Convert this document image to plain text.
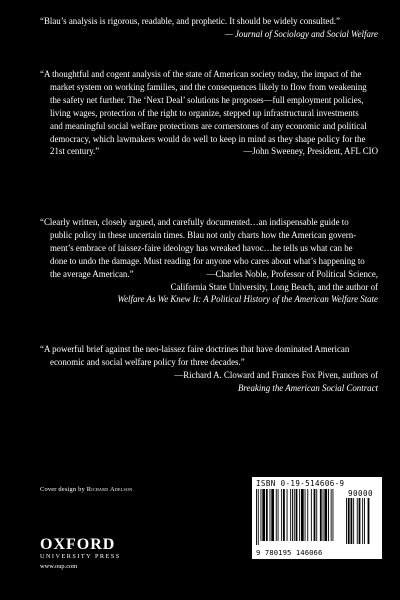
“Blau’s analysis is rigorous, readable, and prophetic. It should be widely consulted.”
— Journal of Sociology and Social Welfare
“A thoughtful and cogent analysis of the state of American society today, the impact of the
market system on working families, and the consequences likely to flow from weakening
the safety net further. The ‘Next Deal’ solutions he proposes—full employment policies,
living wages, protection of the right to organize, stepped up infrastructural investments
and meaningful social welfare protections are cornerstones of any economic and political
democracy, which lawmakers would do well to keep in mind as they shape policy for the
21st century.”	—John Sweeney, President, AFL CIO
“Clearly written, closely argued, and carefully documented…an indispensable guide to
public policy in these uncertain times. Blau not only charts how the American govern-
ment’s embrace of laissez-faire ideology has wreaked havoc…he tells us what can be
done to undo the damage. Must reading for anyone who cares about what’s happening to
the average American.”	—Charles Noble, Professor of Political Science,
California State University, Long Beach, and the author of
Welfare As We Knew It: A Political History of the American Welfare State
“A powerful brief against the neo-laissez faire doctrines that have dominated American
economic and social welfare policy for three decades.”
—Richard A. Cloward and Frances Fox Piven, authors of
Breaking the American Social Contract
Cover design by Richard Adelson
OXFORD
UNIVERSITY PRESS
www.oup.com
ISBN 0-19-514606-9
90000
9 780195 146066
